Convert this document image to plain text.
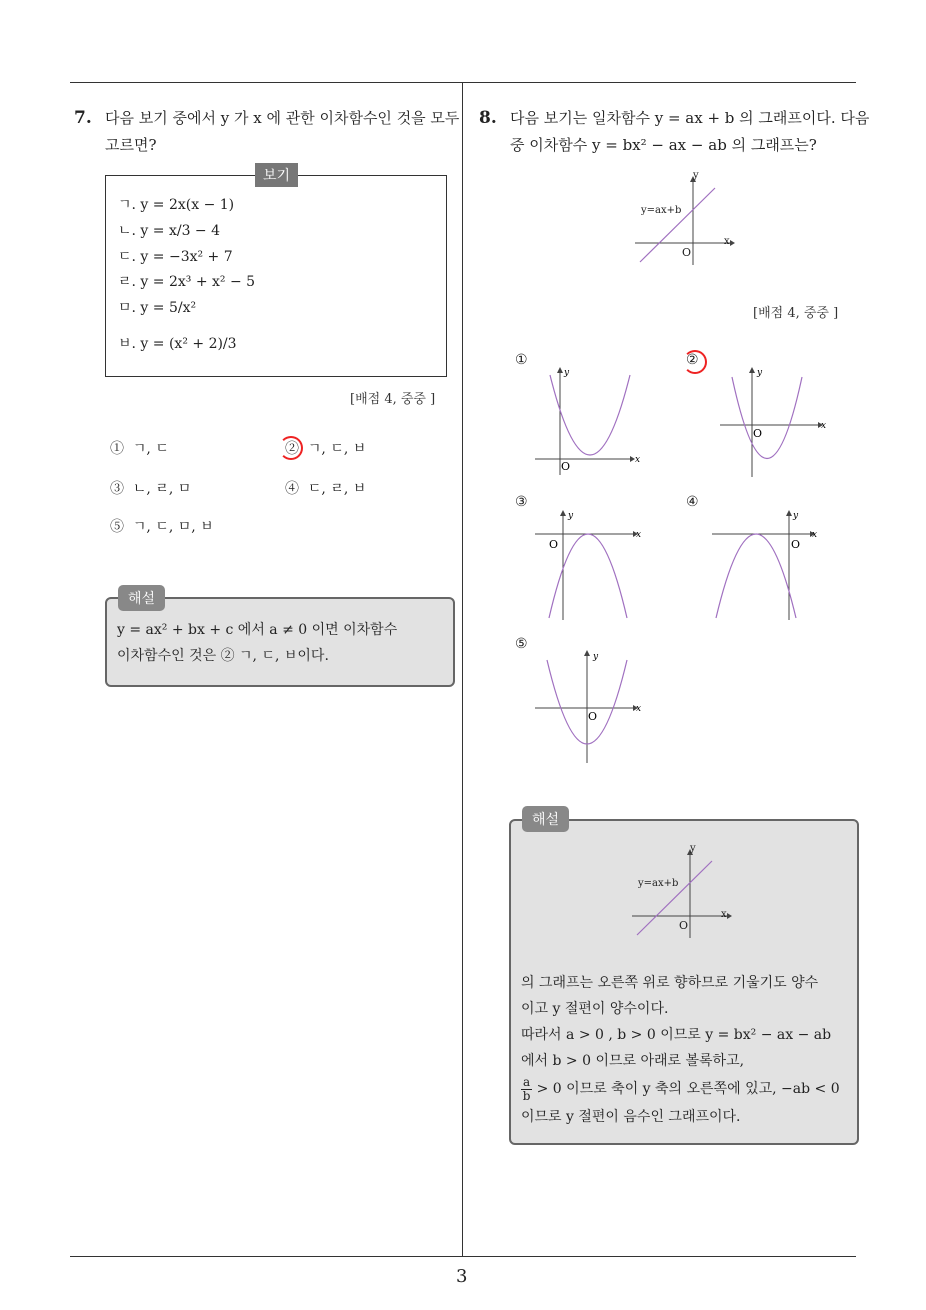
3
7. 다음 보기 중에서 y 가 x 에 관한 이차함수인 것을 모두
고르면?
보기
ㄱ. y = 2x(x − 1)
ㄴ. y = x/3 − 4
ㄷ. y = −3x² + 7
ㄹ. y = 2x³ + x² − 5
ㅁ. y = 5/x²
ㅂ. y = (x² + 2)/3
[배점 4, 중중 ]
① ㄱ, ㄷ	② ㄱ, ㄷ, ㅂ
③ ㄴ, ㄹ, ㅁ	④ ㄷ, ㄹ, ㅂ
⑤ ㄱ, ㄷ, ㅁ, ㅂ
해설
y = ax² + bx + c 에서 a ≠ 0 이면 이차함수
이차함수인 것은 ② ㄱ, ㄷ, ㅂ이다.
8. 다음 보기는 일차함수 y = ax + b 의 그래프이다. 다음
중 이차함수 y = bx² − ax − ab 의 그래프는?
y=ax+b
y
x
O
[배점 4, 중중 ]
①
y
x
O
②
y
x
O
③
y
x
O
④
y
x
O
⑤
y
x
O
해설
y=ax+b
y
x
O
의 그래프는 오른쪽 위로 향하므로 기울기도 양수
이고 y 절편이 양수이다.
따라서 a > 0 , b > 0 이므로 y = bx² − ax − ab
에서 b > 0 이므로 아래로 볼록하고,
$\frac{a}{b} > 0$ 이므로 축이 y 축의 오른쪽에 있고, −ab < 0
이므로 y 절편이 음수인 그래프이다.
